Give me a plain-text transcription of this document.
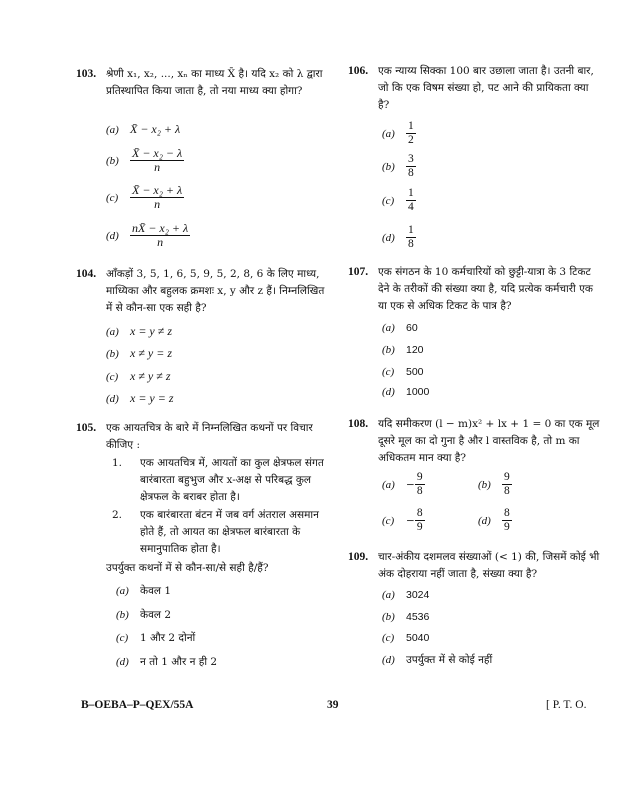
103. श्रेणी x₁, x₂, ..., xₙ का माध्य X̄ है। यदि x₂ को λ द्वारा प्रतिस्थापित किया जाता है, तो नया माध्य क्या होगा?
(a) X̄ − x₂ + λ
$(b) \frac{\text{X̄ − x₂ − λ}}{n}$
$(c) \frac{\text{X̄ − x₂ + λ}}{n}$
$(d) \frac{\text{nX̄ − x₂ + λ}}{n}$
104. आँकड़ों 3, 5, 1, 6, 5, 9, 5, 2, 8, 6 के लिए माध्य, माध्यिका और बहुलक क्रमशः x, y और z हैं। निम्नलिखित में से कौन-सा एक सही है?
(a) x = y ≠ z
(b) x ≠ y = z
(c) x ≠ y ≠ z
(d) x = y = z
105. एक आयतचित्र के बारे में निम्नलिखित कथनों पर विचार कीजिए :
1.	एक आयतचित्र में, आयतों का कुल क्षेत्रफल संगत बारंबारता बहुभुज और x-अक्ष से परिबद्ध कुल क्षेत्रफल के बराबर होता है।
2.	एक बारंबारता बंटन में जब वर्ग अंतराल असमान होते हैं, तो आयत का क्षेत्रफल बारंबारता के समानुपातिक होता है।
उपर्युक्त कथनों में से कौन-सा/से सही है/हैं?
(a)	केवल 1
(b)	केवल 2
(c)	1 और 2 दोनों
(d)	न तो 1 और न ही 2
106. एक न्याय्य सिक्का 100 बार उछाला जाता है। उतनी बार, जो कि एक विषम संख्या हो, पट आने की प्रायिकता क्या है?
$(a) \frac{1}{2}$
$(b) \frac{3}{8}$
(c)	$\frac{1}{4}$
$(d) \frac{1}{8}$
107. एक संगठन के 10 कर्मचारियों को छुट्टी-यात्रा के 3 टिकट देने के तरीकों की संख्या क्या है, यदि प्रत्येक कर्मचारी एक या एक से अधिक टिकट के पात्र है?
(a)	60
(b)	120
(c)	500
(d)	1000
108. यदि समीकरण (l − m)x² + lx + 1 = 0 का एक मूल दूसरे मूल का दो गुना है और l वास्तविक है, तो m का अधिकतम मान क्या है?
(a)	− $\frac{9}{8}$	$(b) \frac{9}{8}$
(c)	− $\frac{8}{9}$	$(d) \frac{8}{9}$
109. चार-अंकीय दशमलव संख्याओं (< 1) की, जिसमें कोई भी अंक दोहराया नहीं जाता है, संख्या क्या है?
(a)	3024
(b)	4536
(c)	5040
(d)	उपर्युक्त में से कोई नहीं
B–OEBA–P–QEX/55A	39	[ P. T. O.
